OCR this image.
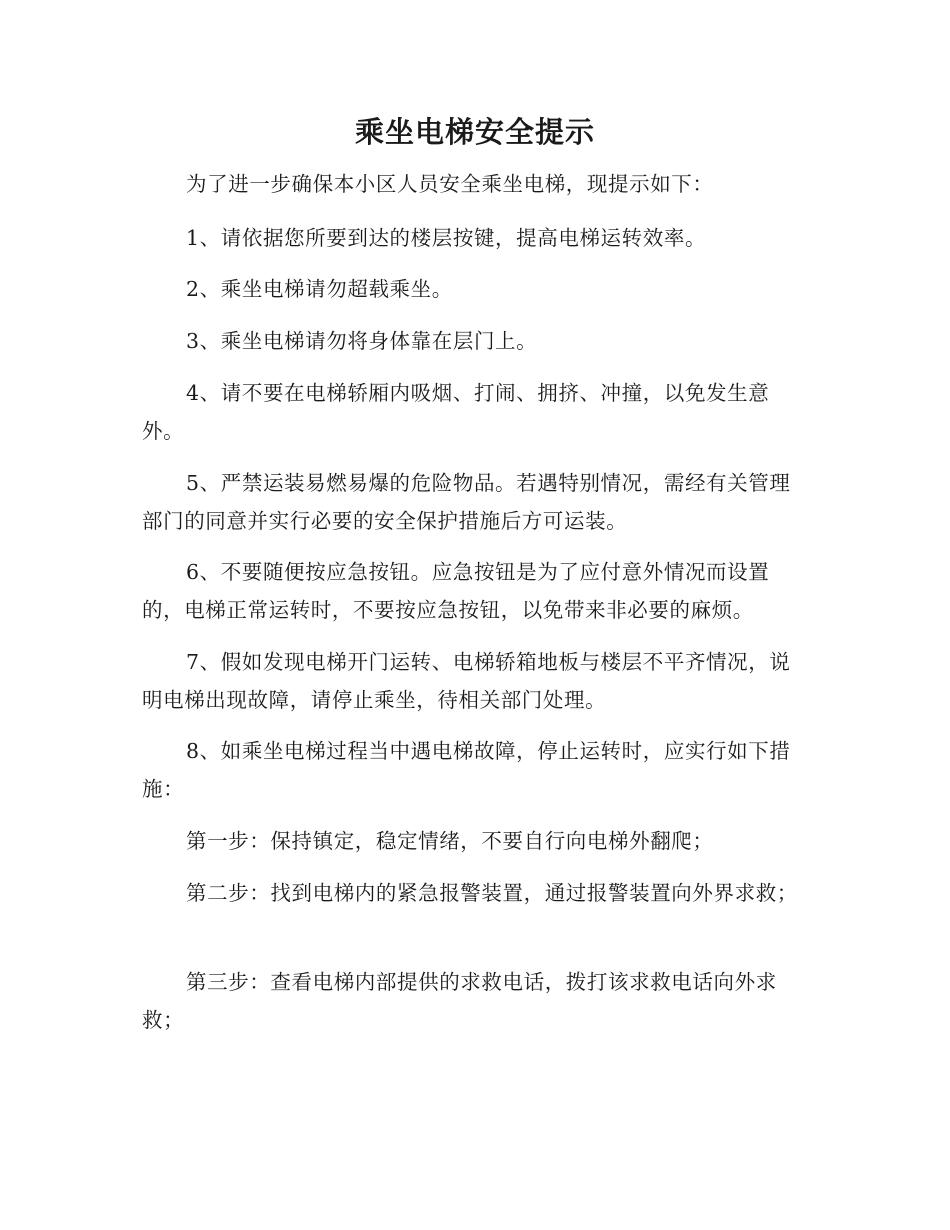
乘坐电梯安全提示

为了进一步确保本小区人员安全乘坐电梯，现提示如下：

1、请依据您所要到达的楼层按键，提高电梯运转效率。

2、乘坐电梯请勿超载乘坐。

3、乘坐电梯请勿将身体靠在层门上。

4、请不要在电梯轿厢内吸烟、打闹、拥挤、冲撞，以免发生意外。

5、严禁运装易燃易爆的危险物品。若遇特别情况，需经有关管理部门的同意并实行必要的安全保护措施后方可运装。

6、不要随便按应急按钮。应急按钮是为了应付意外情况而设置的，电梯正常运转时，不要按应急按钮，以免带来非必要的麻烦。

7、假如发现电梯开门运转、电梯轿箱地板与楼层不平齐情况，说明电梯出现故障，请停止乘坐，待相关部门处理。

8、如乘坐电梯过程当中遇电梯故障，停止运转时，应实行如下措施：

第一步：保持镇定，稳定情绪，不要自行向电梯外翻爬；

第二步：找到电梯内的紧急报警装置，通过报警装置向外界求救；

第三步：查看电梯内部提供的求救电话，拨打该求救电话向外求救；
